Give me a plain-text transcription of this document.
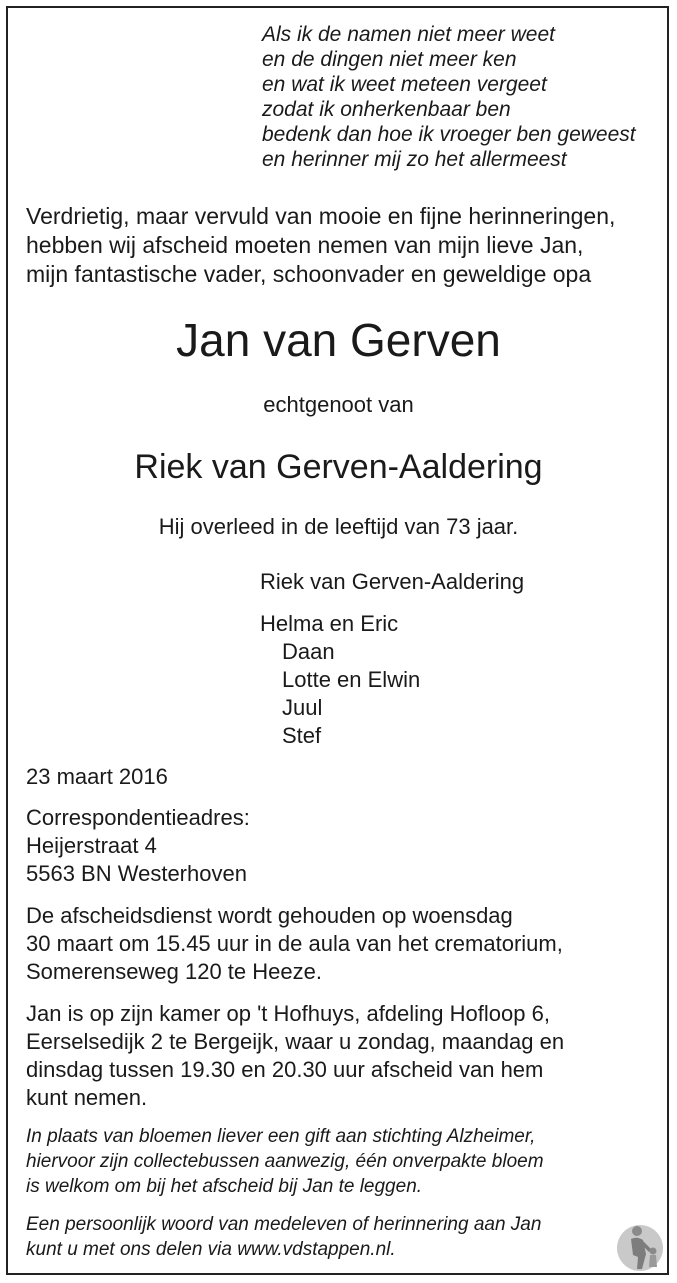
Als ik de namen niet meer weet
en de dingen niet meer ken
en wat ik weet meteen vergeet
zodat ik onherkenbaar ben
bedenk dan hoe ik vroeger ben geweest
en herinner mij zo het allermeest
Verdrietig, maar vervuld van mooie en fijne herinneringen,
hebben wij afscheid moeten nemen van mijn lieve Jan,
mijn fantastische vader, schoonvader en geweldige opa
Jan van Gerven
echtgenoot van
Riek van Gerven-Aaldering
Hij overleed in de leeftijd van 73 jaar.
Riek van Gerven-Aaldering
Helma en Eric
Daan
Lotte en Elwin
Juul
Stef
23 maart 2016
Correspondentieadres:
Heijerstraat 4
5563 BN Westerhoven
De afscheidsdienst wordt gehouden op woensdag
30 maart om 15.45 uur in de aula van het crematorium,
Somerenseweg 120 te Heeze.
Jan is op zijn kamer op 't Hofhuys, afdeling Hofloop 6,
Eerselsedijk 2 te Bergeijk, waar u zondag, maandag en
dinsdag tussen 19.30 en 20.30 uur afscheid van hem
kunt nemen.
In plaats van bloemen liever een gift aan stichting Alzheimer,
hiervoor zijn collectebussen aanwezig, één onverpakte bloem
is welkom om bij het afscheid bij Jan te leggen.
Een persoonlijk woord van medeleven of herinnering aan Jan
kunt u met ons delen via www.vdstappen.nl.
